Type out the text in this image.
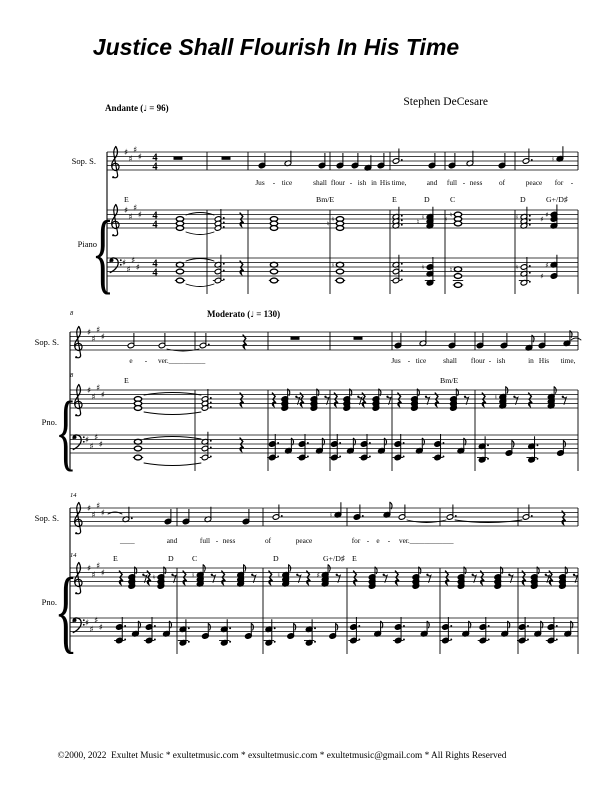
Justice Shall Flourish In His Time
Stephen DeCesare
♯
♯
♯
♯ 4
4
♮
♯
♯
♯
♯ 4
4	♮
♮
♮
♮
♮
♮	♮	♯
♯
♯
♯
♯
♯ 4
4
♮	♮	♮	♮	♯
♯
{
♯
♯
♯
♯
♯
♯
♯
♯
♯
♯
♯
♯
{	♮
♯
♯
♯
♯	♮
♯
♯
♯
♯
♯
♯
♯
♯
{	♮	♮	♮	♯
Jus - tice	shall flour - ish in His time,	and full - ness of	peace for -
e - ver.__________	Jus - tice shall flour - ish	in His time,
____	and	full - ness	of	peace	for - e - ver.____________
E	Bm/E	E	D	C	D	G+/D♯
E	Bm/E
E	D C	D	G+/D♯ E
Sop. S.
Piano
Sop. S.
Pno.
Sop. S.
Pno.
8
8
14
14
Andante (♩ = 96)
Moderato (♩ = 130)
©2000, 2022  Exultet Music * exultetmusic.com * exsultetmusic.com * exultetmusic@gmail.com * All Rights Reserved
